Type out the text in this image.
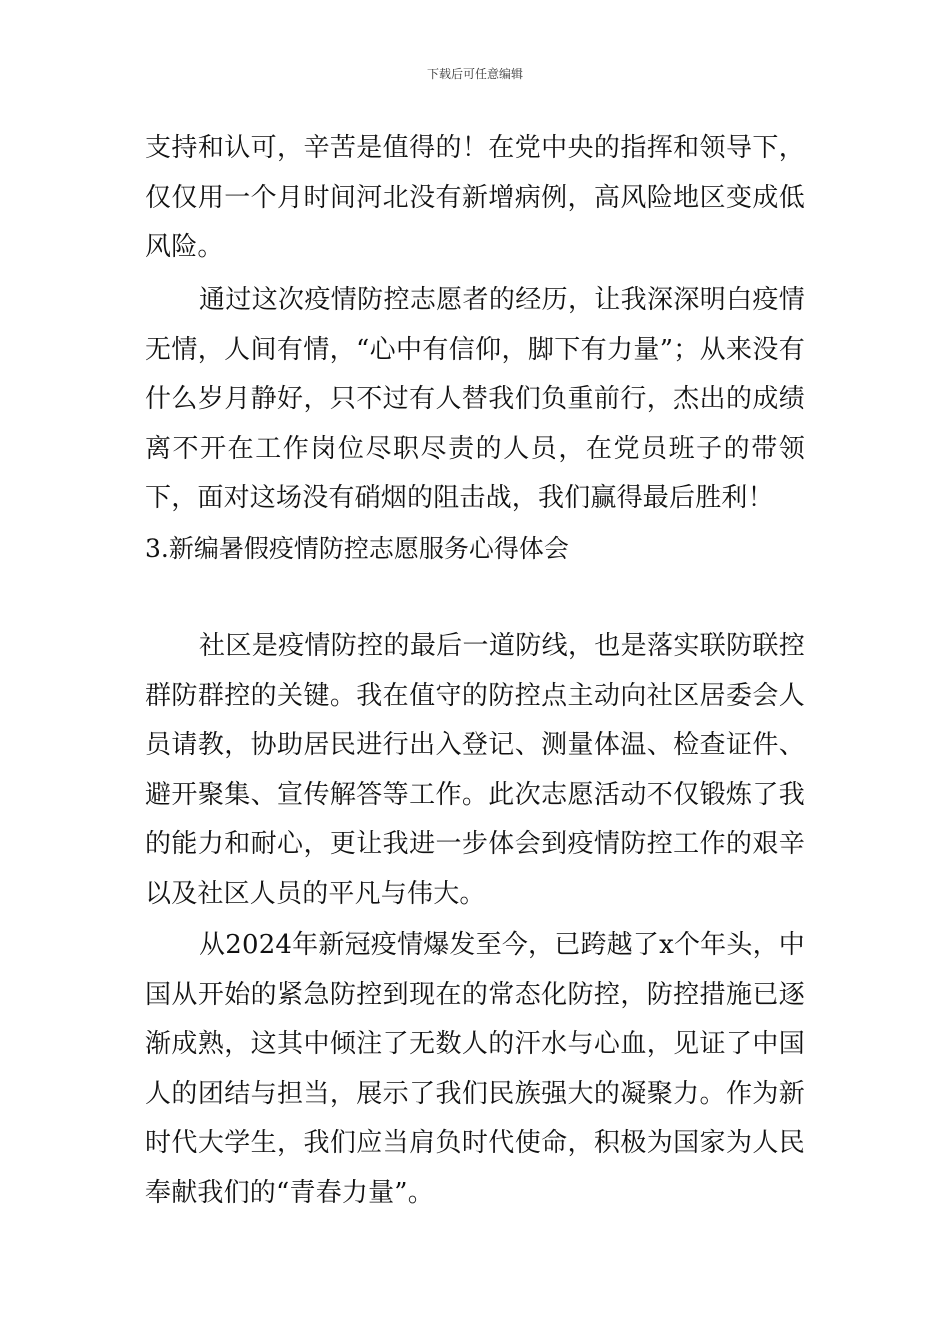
下载后可任意编辑

支持和认可，辛苦是值得的！在党中央的指挥和领导下，仅仅用一个月时间河北没有新增病例，高风险地区变成低风险。

通过这次疫情防控志愿者的经历，让我深深明白疫情无情，人间有情，“心中有信仰，脚下有力量”；从来没有什么岁月静好，只不过有人替我们负重前行，杰出的成绩离不开在工作岗位尽职尽责的人员，在党员班子的带领下，面对这场没有硝烟的阻击战，我们赢得最后胜利！

3.新编暑假疫情防控志愿服务心得体会

社区是疫情防控的最后一道防线，也是落实联防联控群防群控的关键。我在值守的防控点主动向社区居委会人员请教，协助居民进行出入登记、测量体温、检查证件、避开聚集、宣传解答等工作。此次志愿活动不仅锻炼了我的能力和耐心，更让我进一步体会到疫情防控工作的艰辛以及社区人员的平凡与伟大。

从2024年新冠疫情爆发至今，已跨越了x个年头，中国从开始的紧急防控到现在的常态化防控，防控措施已逐渐成熟，这其中倾注了无数人的汗水与心血，见证了中国人的团结与担当，展示了我们民族强大的凝聚力。作为新时代大学生，我们应当肩负时代使命，积极为国家为人民奉献我们的“青春力量”。
